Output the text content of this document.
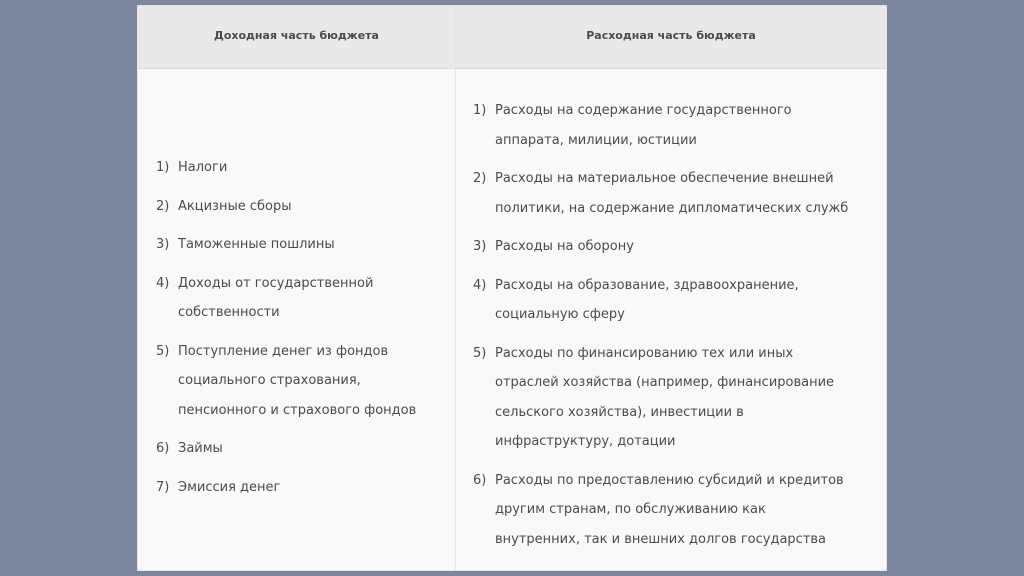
Доходная часть бюджета	Расходная часть бюджета
1) Налоги
2) Акцизные сборы
3) Таможенные пошлины
4) Доходы от государственной
собственности
5) Поступление денег из фондов
социального страхования,
пенсионного и страхового фондов
6) Займы
7) Эмиссия денег
1) Расходы на содержание государственного
аппарата, милиции, юстиции
2) Расходы на материальное обеспечение внешней
политики, на содержание дипломатических служб
3) Расходы на оборону
4) Расходы на образование, здравоохранение,
социальную сферу
5) Расходы по финансированию тех или иных
отраслей хозяйства (например, финансирование
сельского хозяйства), инвестиции в
инфраструктуру, дотации
6) Расходы по предоставлению субсидий и кредитов
другим странам, по обслуживанию как
внутренних, так и внешних долгов государства
